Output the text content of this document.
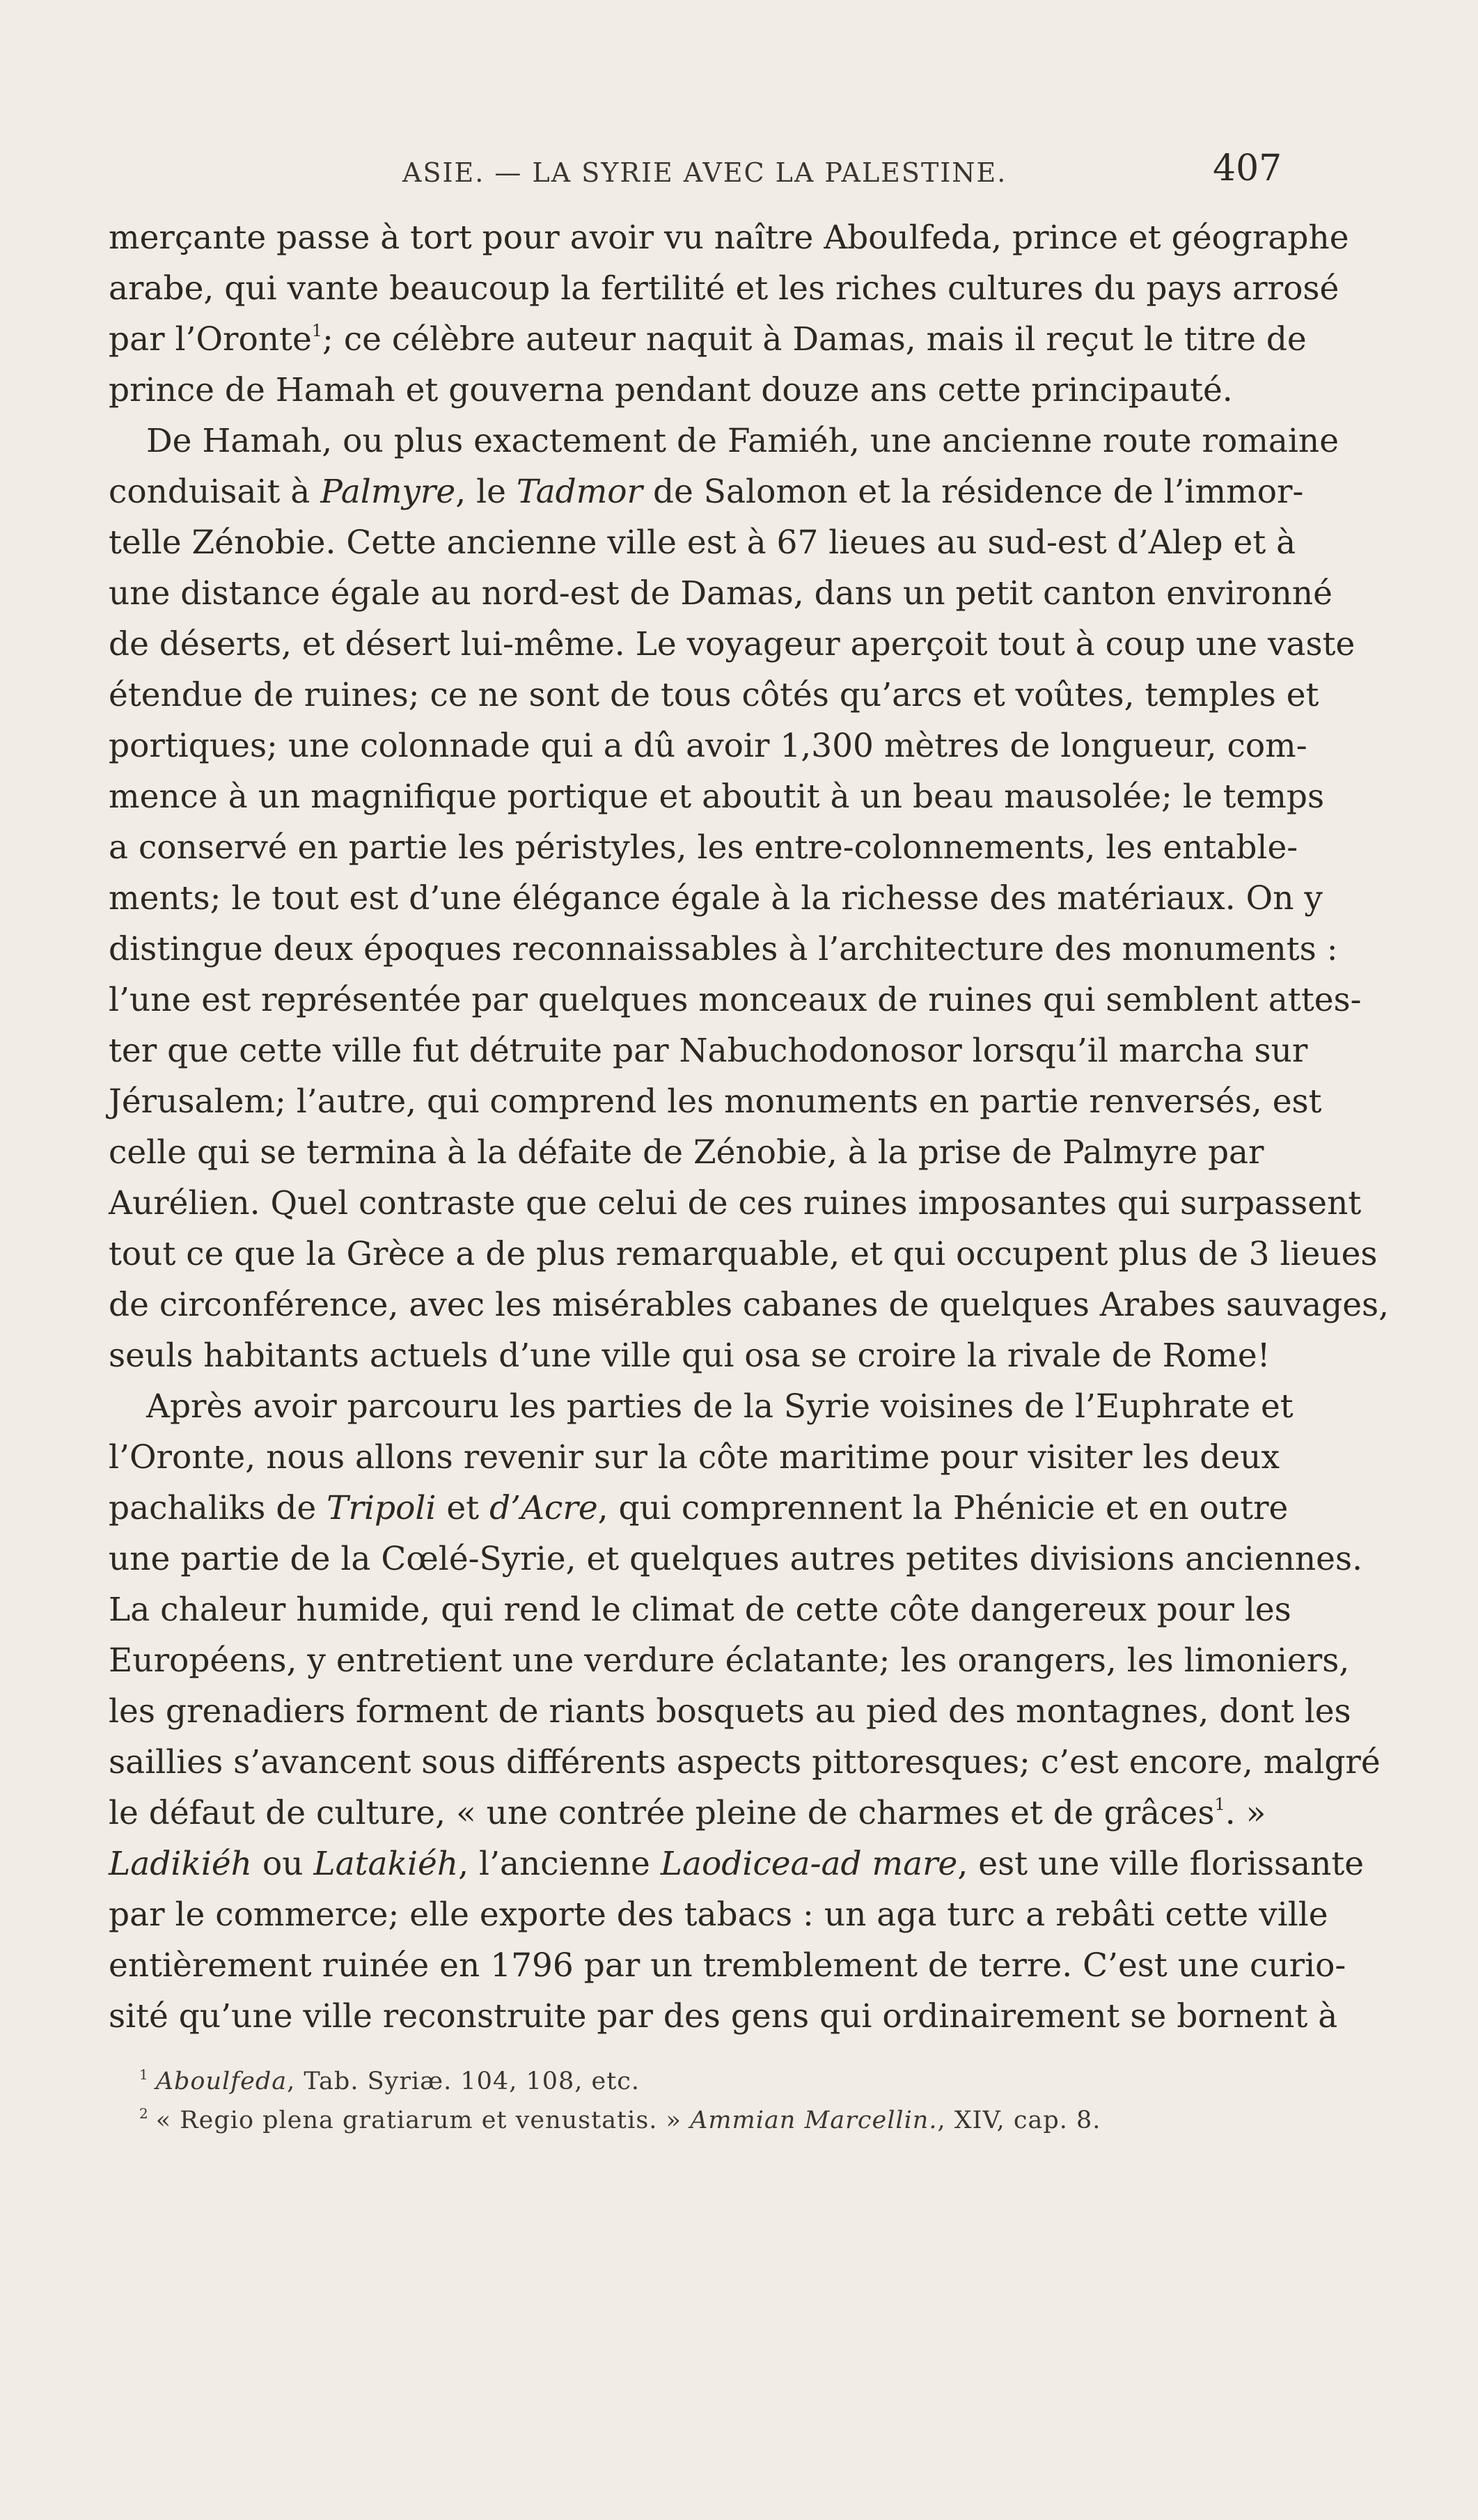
ASIE. — LA SYRIE AVEC LA PALESTINE.	407
merçante passe à tort pour avoir vu naître Aboulfeda, prince et géographe
arabe, qui vante beaucoup la fertilité et les riches cultures du pays arrosé
par l’Oronte$^1$; ce célèbre auteur naquit à Damas, mais il reçut le titre de
prince de Hamah et gouverna pendant douze ans cette principauté.
De Hamah, ou plus exactement de Famiéh, une ancienne route romaine
conduisait à Palmyre, le Tadmor de Salomon et la résidence de l’immor-
telle Zénobie. Cette ancienne ville est à 67 lieues au sud-est d’Alep et à
une distance égale au nord-est de Damas, dans un petit canton environné
de déserts, et désert lui-même. Le voyageur aperçoit tout à coup une vaste
étendue de ruines; ce ne sont de tous côtés qu’arcs et voûtes, temples et
portiques; une colonnade qui a dû avoir 1,300 mètres de longueur, com-
mence à un magnifique portique et aboutit à un beau mausolée; le temps
a conservé en partie les péristyles, les entre-colonnements, les entable-
ments; le tout est d’une élégance égale à la richesse des matériaux. On y
distingue deux époques reconnaissables à l’architecture des monuments :
l’une est représentée par quelques monceaux de ruines qui semblent attes-
ter que cette ville fut détruite par Nabuchodonosor lorsqu’il marcha sur
Jérusalem; l’autre, qui comprend les monuments en partie renversés, est
celle qui se termina à la défaite de Zénobie, à la prise de Palmyre par
Aurélien. Quel contraste que celui de ces ruines imposantes qui surpassent
tout ce que la Grèce a de plus remarquable, et qui occupent plus de 3 lieues
de circonférence, avec les misérables cabanes de quelques Arabes sauvages,
seuls habitants actuels d’une ville qui osa se croire la rivale de Rome!
Après avoir parcouru les parties de la Syrie voisines de l’Euphrate et
l’Oronte, nous allons revenir sur la côte maritime pour visiter les deux
pachaliks de Tripoli et d’Acre, qui comprennent la Phénicie et en outre
une partie de la Cœlé-Syrie, et quelques autres petites divisions anciennes.
La chaleur humide, qui rend le climat de cette côte dangereux pour les
Européens, y entretient une verdure éclatante; les orangers, les limoniers,
les grenadiers forment de riants bosquets au pied des montagnes, dont les
saillies s’avancent sous différents aspects pittoresques; c’est encore, malgré
le défaut de culture, « une contrée pleine de charmes et de grâces$^1$. »
Ladikiéh ou Latakiéh, l’ancienne Laodicea-ad mare, est une ville florissante
par le commerce; elle exporte des tabacs : un aga turc a rebâti cette ville
entièrement ruinée en 1796 par un tremblement de terre. C’est une curio-
sité qu’une ville reconstruite par des gens qui ordinairement se bornent à
$^1$ Aboulfeda, Tab. Syriæ. 104, 108, etc.
$^2$ « Regio plena gratiarum et venustatis. » Ammian Marcellin., XIV, cap. 8.
